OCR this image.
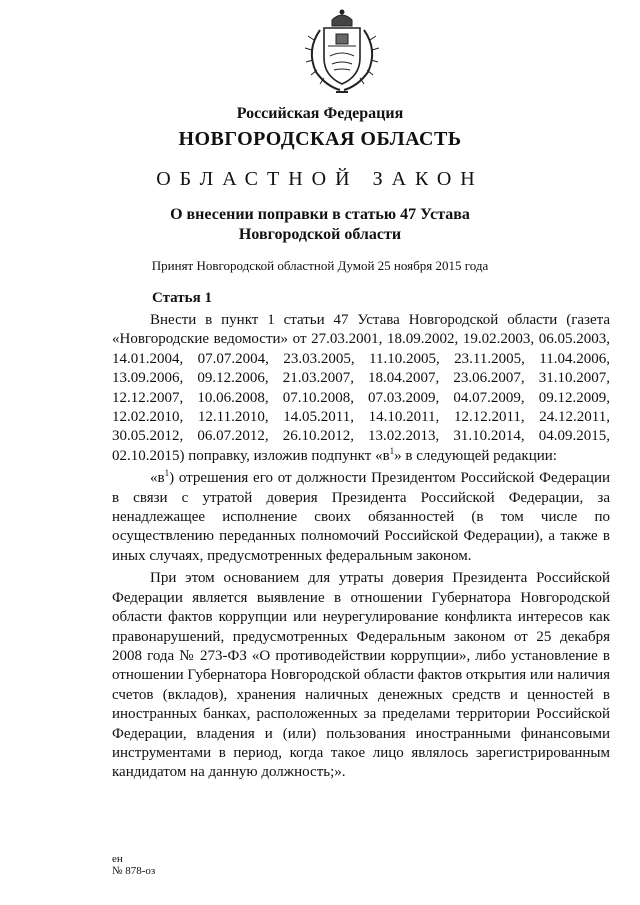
Российская Федерация
НОВГОРОДСКАЯ ОБЛАСТЬ
ОБЛАСТНОЙ ЗАКОН
О внесении поправки в статью 47 Устава
Новгородской области
Принят Новгородской областной Думой 25 ноября 2015 года
Статья 1

Внести в пункт 1 статьи 47 Устава Новгородской области (газета «Новгородские ведомости» от 27.03.2001, 18.09.2002, 19.02.2003, 06.05.2003, 14.01.2004, 07.07.2004, 23.03.2005, 11.10.2005, 23.11.2005, 11.04.2006, 13.09.2006, 09.12.2006, 21.03.2007, 18.04.2007, 23.06.2007, 31.10.2007, 12.12.2007, 10.06.2008, 07.10.2008, 07.03.2009, 04.07.2009, 09.12.2009, 12.02.2010, 12.11.2010, 14.05.2011, 14.10.2011, 12.12.2011, 24.12.2011, 30.05.2012, 06.07.2012, 26.10.2012, 13.02.2013, 31.10.2014, 04.09.2015, 02.10.2015) поправку, изложив подпункт «$в^1$» в следующей редакции:

«$в^1$) отрешения его от должности Президентом Российской Федерации в связи с утратой доверия Президента Российской Федерации, за ненадлежащее исполнение своих обязанностей (в том числе по осуществлению переданных полномочий Российской Федерации), а также в иных случаях, предусмотренных федеральным законом.

При этом основанием для утраты доверия Президента Российской Федерации является выявление в отношении Губернатора Новгородской области фактов коррупции или неурегулирование конфликта интересов как правонарушений, предусмотренных Федеральным законом от 25 декабря 2008 года № 273-ФЗ «О противодействии коррупции», либо установление в отношении Губернатора Новгородской области фактов открытия или наличия счетов (вкладов), хранения наличных денежных средств и ценностей в иностранных банках, расположенных за пределами территории Российской Федерации, владения и (или) пользования иностранными финансовыми инструментами в период, когда такое лицо являлось зарегистрированным кандидатом на данную должность;».

ен
№ 878-оз
